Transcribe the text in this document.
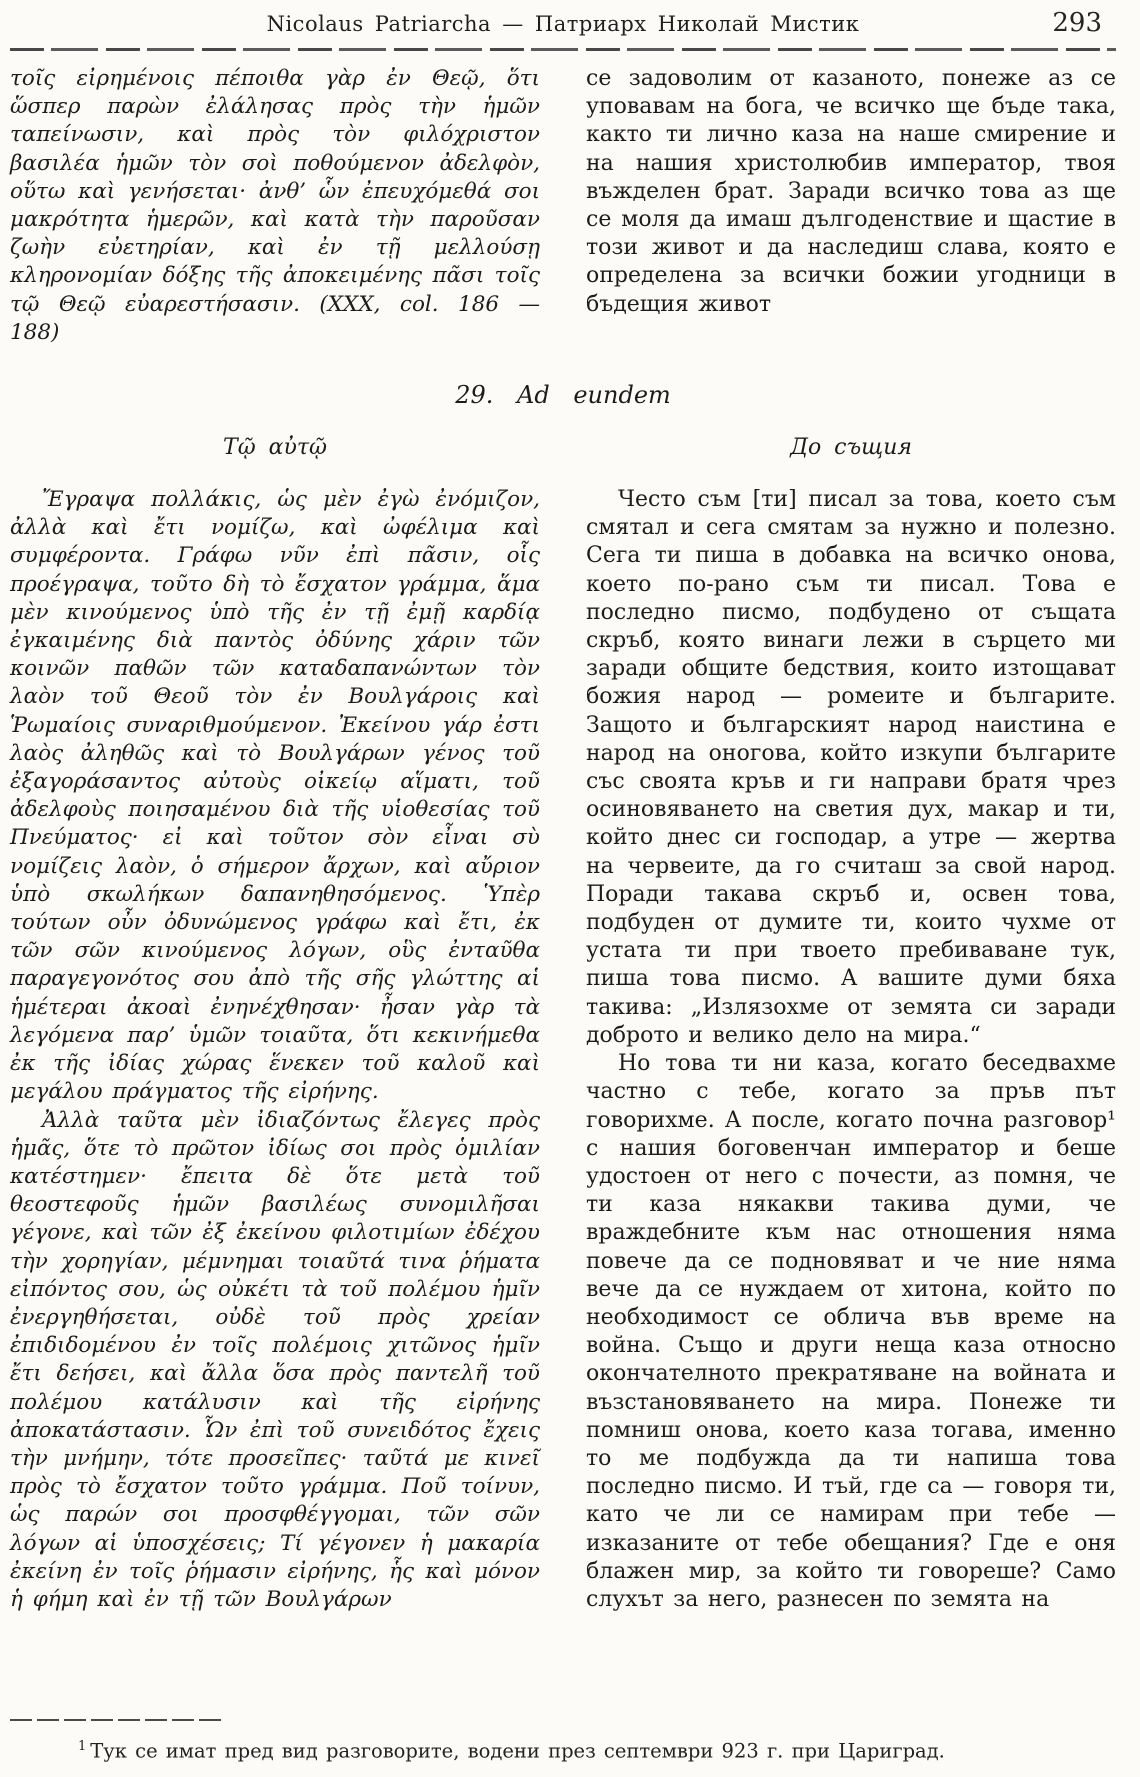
Nicolaus Patriarcha — Патриарх Николай Мистик	293

τοῖς εἰρημένοις πέποιθα γὰρ ἐν Θεῷ, ὅτι ὥσπερ παρὼν ἐλάλησας πρὸς τὴν ἡμῶν ταπείνωσιν, καὶ πρὸς τὸν φιλόχριστον βασιλέα ἡμῶν τὸν σοὶ ποθούμενον ἀδελφὸν, οὕτω καὶ γενήσεται· ἀνθ’ ὧν ἐπευχόμεθά σοι μακρότητα ἡμερῶν, καὶ κατὰ τὴν παροῦσαν ζωὴν εὐετηρίαν, καὶ ἐν τῇ μελλούσῃ κληρονομίαν δόξης τῆς ἀποκειμένης πᾶσι τοῖς τῷ Θεῷ εὐαρεστήσασιν. (XXX, col. 186 — 188)

се задоволим от казаното, понеже аз се уповавам на бога, че всичко ще бъде така, както ти лично каза на наше смирение и на нашия христолюбив император, твоя въжделен брат. Заради всичко това аз ще се моля да имаш дългоденствие и щастие в този живот и да наследиш слава, която е определена за всички божии угодници в бъдещия живот

29. Ad eundem
Τῷ αὐτῷ

Ἔγραψα πολλάκις, ὡς μὲν ἐγὼ ἐνόμιζον, ἀλλὰ καὶ ἔτι νομίζω, καὶ ὠφέλιμα καὶ συμφέροντα. Γράφω νῦν ἐπὶ πᾶσιν, οἷς προέγραψα, τοῦτο δὴ τὸ ἔσχατον γράμμα, ἅμα μὲν κινούμενος ὑπὸ τῆς ἐν τῇ ἐμῇ καρδίᾳ ἐγκαιμένης διὰ παντὸς ὀδύνης χάριν τῶν κοινῶν παθῶν τῶν καταδαπανώντων τὸν λαὸν τοῦ Θεοῦ τὸν ἐν Βουλγάροις καὶ Ῥωμαίοις συναριθμούμενον. Ἐκείνου γάρ ἐστι λαὸς ἀληθῶς καὶ τὸ Βουλγάρων γένος τοῦ ἐξαγοράσαντος αὐτοὺς οἰκείῳ αἵματι, τοῦ ἀδελφοὺς ποιησαμένου διὰ τῆς υἱοθεσίας τοῦ Πνεύματος· εἰ καὶ τοῦτον σὸν εἶναι σὺ νομίζεις λαὸν, ὁ σήμερον ἄρχων, καὶ αὔριον ὑπὸ σκωλήκων δαπανηθησόμενος. Ὑπὲρ τούτων οὖν ὀδυνώμενος γράφω καὶ ἔτι, ἐκ τῶν σῶν κινούμενος λόγων, οὓς ἐνταῦθα παραγεγονότος σου ἀπὸ τῆς σῆς γλώττης αἱ ἡμέτεραι ἀκοαὶ ἐνηνέχθησαν· ἦσαν γὰρ τὰ λεγόμενα παρ’ ὑμῶν τοιαῦτα, ὅτι κεκινήμεθα ἐκ τῆς ἰδίας χώρας ἕνεκεν τοῦ καλοῦ καὶ μεγάλου πράγματος τῆς εἰρήνης.

Ἀλλὰ ταῦτα μὲν ἰδιαζόντως ἔλεγες πρὸς ἡμᾶς, ὅτε τὸ πρῶτον ἰδίως σοι πρὸς ὁμιλίαν κατέστημεν· ἔπειτα δὲ ὅτε μετὰ τοῦ θεοστεφοῦς ἡμῶν βασιλέως συνομιλῆσαι γέγονε, καὶ τῶν ἐξ ἐκείνου φιλοτιμίων ἐδέχου τὴν χορηγίαν, μέμνημαι τοιαῦτά τινα ῥήματα εἰπόντος σου, ὡς οὐκέτι τὰ τοῦ πολέμου ἡμῖν ἐνεργηθήσεται, οὐδὲ τοῦ πρὸς χρείαν ἐπιδιδομένου ἐν τοῖς πολέμοις χιτῶνος ἡμῖν ἔτι δεήσει, καὶ ἄλλα ὅσα πρὸς παντελῆ τοῦ πολέμου κατάλυσιν καὶ τῆς εἰρήνης ἀποκατάστασιν. Ὧν ἐπὶ τοῦ συνειδότος ἔχεις τὴν μνήμην, τότε προσεῖπες· ταῦτά με κινεῖ πρὸς τὸ ἔσχατον τοῦτο γράμμα. Ποῦ τοίνυν, ὡς παρών σοι προσφθέγγομαι, τῶν σῶν λόγων αἱ ὑποσχέσεις; Τί γέγονεν ἡ μακαρία ἐκείνη ἐν τοῖς ῥήμασιν εἰρήνης, ἧς καὶ μόνον ἡ φήμη καὶ ἐν τῇ τῶν Βουλγάρων

До същия

Често съм [ти] писал за това, което съм смятал и сега смятам за нужно и полезно. Сега ти пиша в добавка на всичко онова, което по-рано съм ти писал. Това е последно писмо, подбудено от същата скръб, която винаги лежи в сърцето ми заради общите бедствия, които изтощават божия народ — ромеите и българите. Защото и българският народ наистина е народ на оногова, който изкупи българите със своята кръв и ги направи братя чрез осиновяването на светия дух, макар и ти, който днес си господар, а утре — жертва на червеите, да го считаш за свой народ. Поради такава скръб и, освен това, подбуден от думите ти, които чухме от устата ти при твоето пребиваване тук, пиша това писмо. А вашите думи бяха такива: „Излязохме от земята си заради доброто и велико дело на мира.“

Но това ти ни каза, когато беседвахме частно с тебе, когато за пръв път говорихме. А после, когато почна разговор¹ с нашия боговенчан император и беше удостоен от него с почести, аз помня, че ти каза някакви такива думи, че враждебните към нас отношения няма повече да се подновяват и че ние няма вече да се нуждаем от хитона, който по необходимост се облича във време на война. Също и други неща каза относно окончателното прекратяване на войната и възстановяването на мира. Понеже ти помниш онова, което каза тогава, именно то ме подбужда да ти напиша това последно писмо. И тъй, где са — говоря ти, като че ли се намирам при тебе — изказаните от тебе обещания? Где е оня блажен мир, за който ти говореше? Само слухът за него, разнесен по земята на

$^1$ Тук се имат пред вид разговорите, водени през септември 923 г. при Цариград.
